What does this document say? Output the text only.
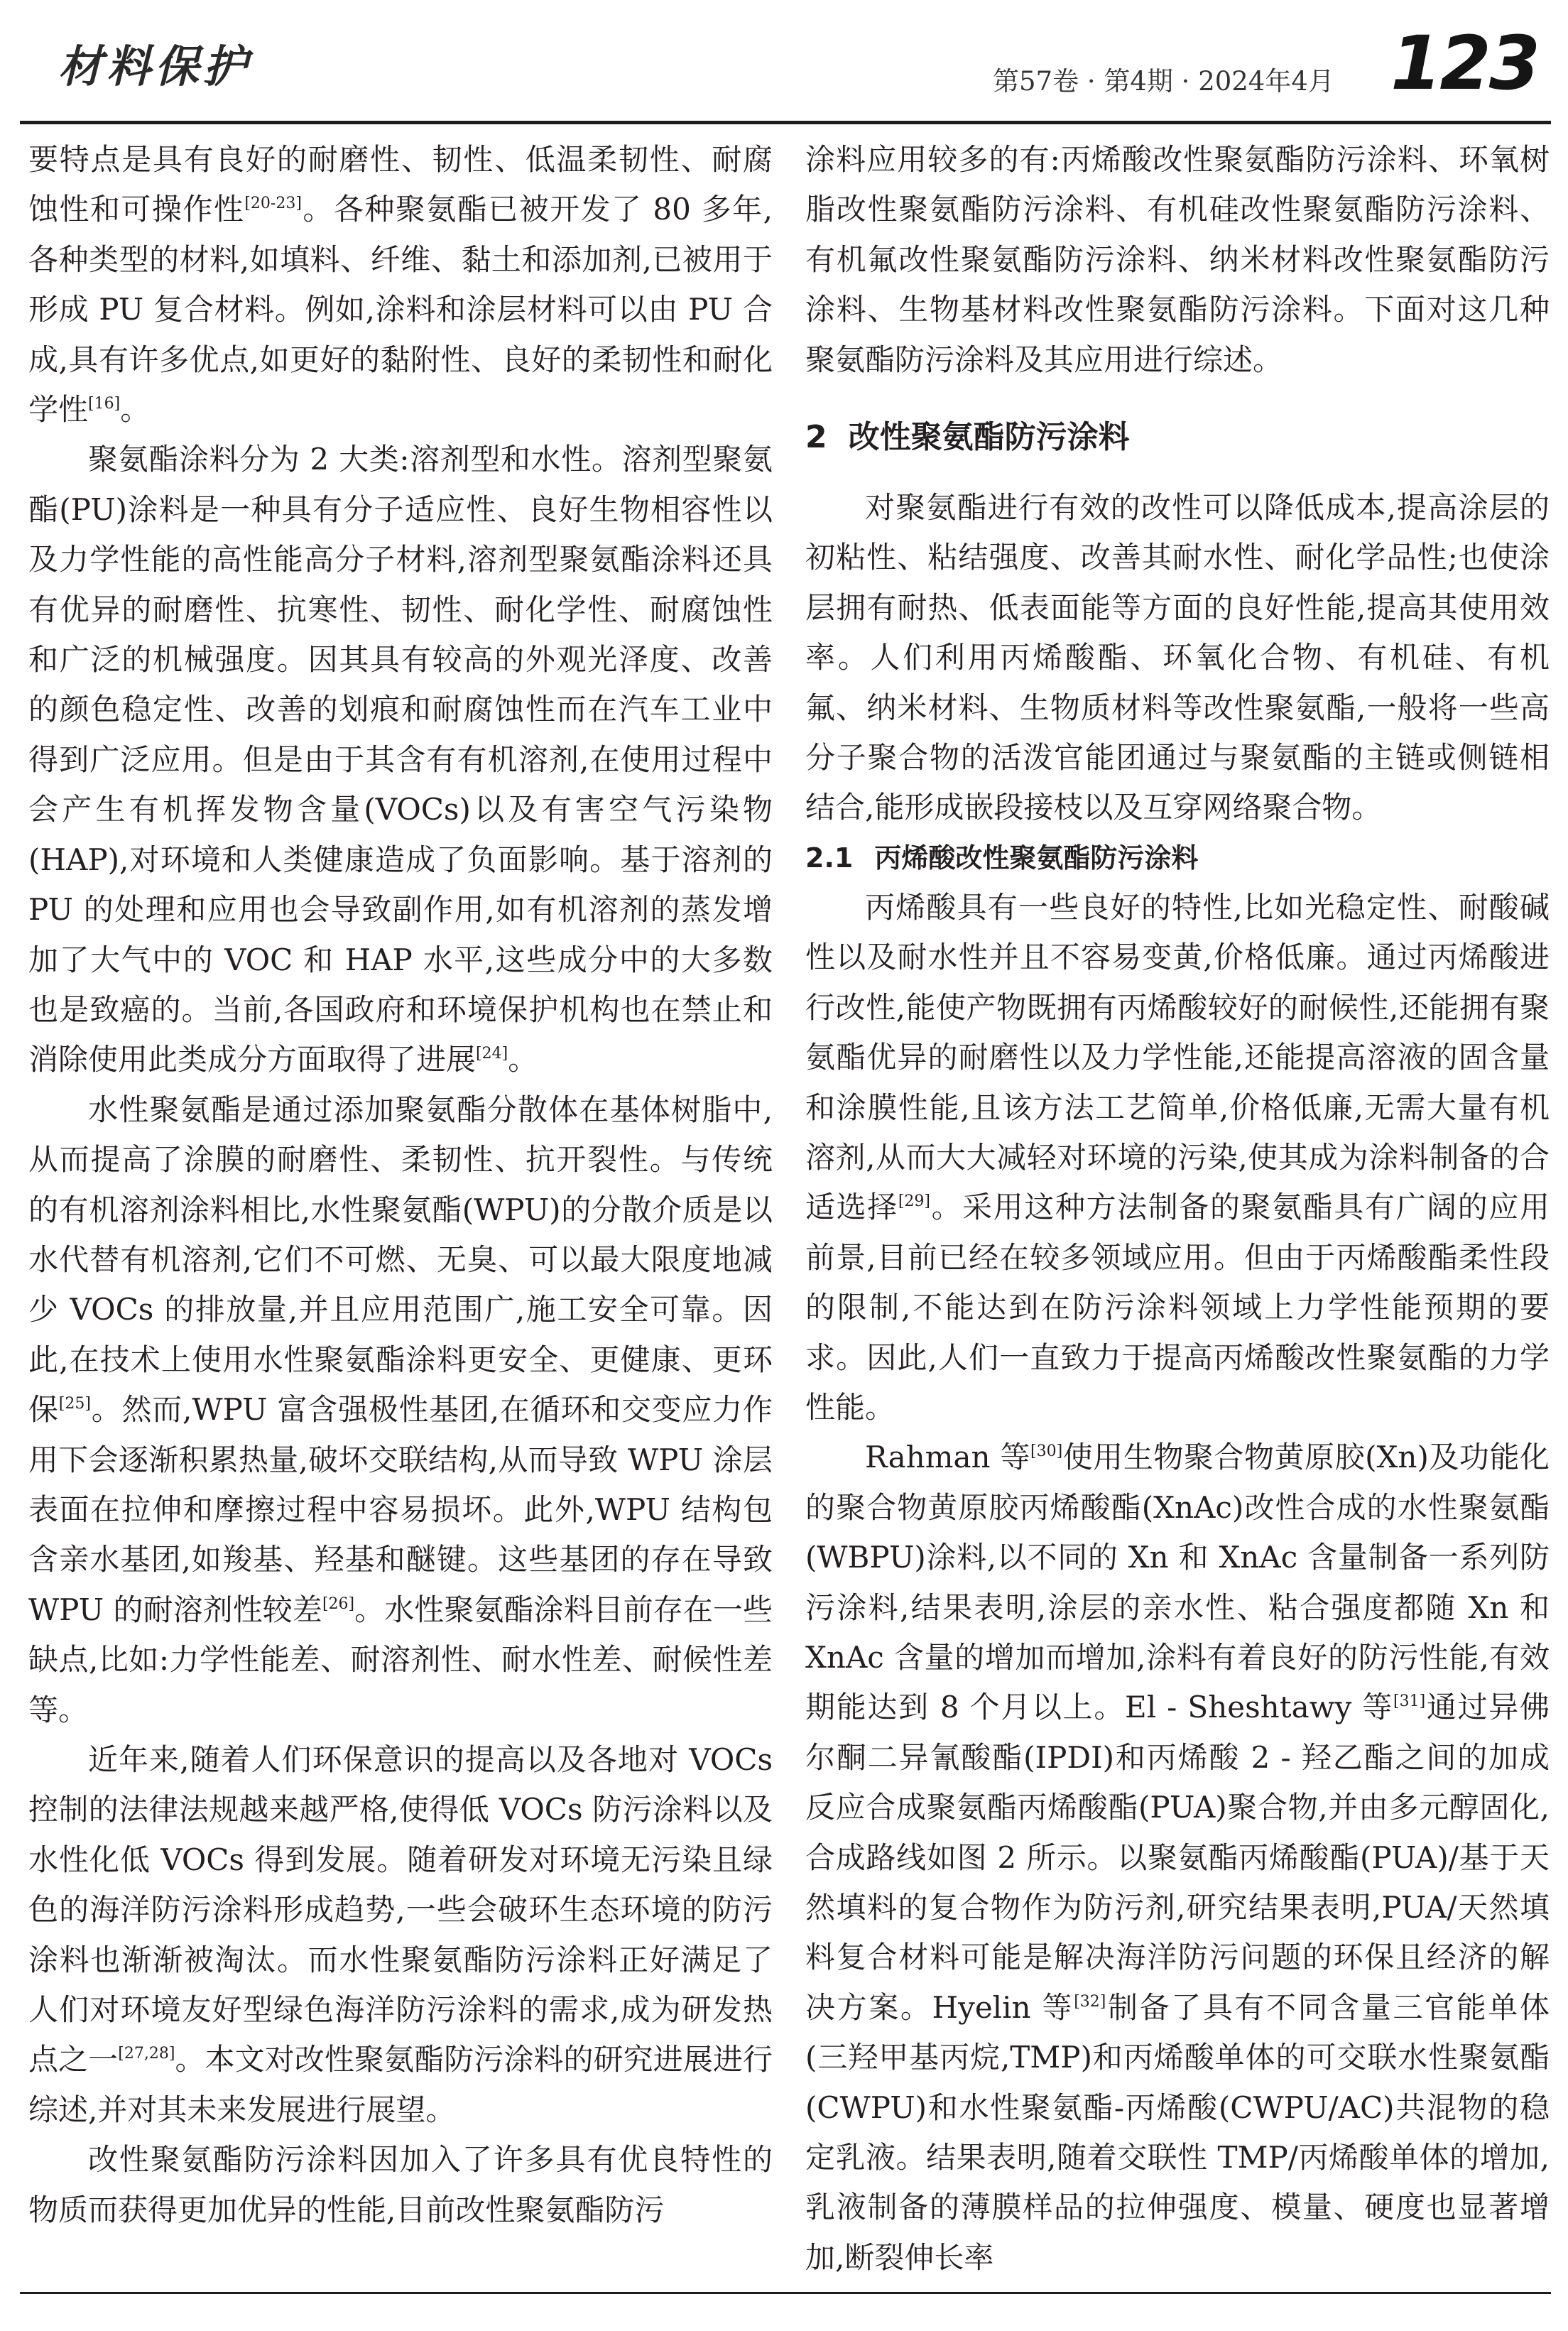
材料保护	第57卷 · 第4期 · 2024年4月 123

要特点是具有良好的耐磨性、韧性、低温柔韧性、耐腐蚀性和可操作性[20-23]。各种聚氨酯已被开发了 80 多年,各种类型的材料,如填料、纤维、黏土和添加剂,已被用于形成 PU 复合材料。例如,涂料和涂层材料可以由 PU 合成,具有许多优点,如更好的黏附性、良好的柔韧性和耐化学性[16]。

聚氨酯涂料分为 2 大类:溶剂型和水性。溶剂型聚氨酯(PU)涂料是一种具有分子适应性、良好生物相容性以及力学性能的高性能高分子材料,溶剂型聚氨酯涂料还具有优异的耐磨性、抗寒性、韧性、耐化学性、耐腐蚀性和广泛的机械强度。因其具有较高的外观光泽度、改善的颜色稳定性、改善的划痕和耐腐蚀性而在汽车工业中得到广泛应用。但是由于其含有有机溶剂,在使用过程中会产生有机挥发物含量(VOCs)以及有害空气污染物(HAP),对环境和人类健康造成了负面影响。基于溶剂的 PU 的处理和应用也会导致副作用,如有机溶剂的蒸发增加了大气中的 VOC 和 HAP 水平,这些成分中的大多数也是致癌的。当前,各国政府和环境保护机构也在禁止和消除使用此类成分方面取得了进展[24]。

水性聚氨酯是通过添加聚氨酯分散体在基体树脂中,从而提高了涂膜的耐磨性、柔韧性、抗开裂性。与传统的有机溶剂涂料相比,水性聚氨酯(WPU)的分散介质是以水代替有机溶剂,它们不可燃、无臭、可以最大限度地减少 VOCs 的排放量,并且应用范围广,施工安全可靠。因此,在技术上使用水性聚氨酯涂料更安全、更健康、更环保[25]。然而,WPU 富含强极性基团,在循环和交变应力作用下会逐渐积累热量,破坏交联结构,从而导致 WPU 涂层表面在拉伸和摩擦过程中容易损坏。此外,WPU 结构包含亲水基团,如羧基、羟基和醚键。这些基团的存在导致 WPU 的耐溶剂性较差[26]。水性聚氨酯涂料目前存在一些缺点,比如:力学性能差、耐溶剂性、耐水性差、耐候性差等。

近年来,随着人们环保意识的提高以及各地对 VOCs 控制的法律法规越来越严格,使得低 VOCs 防污涂料以及水性化低 VOCs 得到发展。随着研发对环境无污染且绿色的海洋防污涂料形成趋势,一些会破环生态环境的防污涂料也渐渐被淘汰。而水性聚氨酯防污涂料正好满足了人们对环境友好型绿色海洋防污涂料的需求,成为研发热点之一[27,28]。本文对改性聚氨酯防污涂料的研究进展进行综述,并对其未来发展进行展望。

改性聚氨酯防污涂料因加入了许多具有优良特性的物质而获得更加优异的性能,目前改性聚氨酯防污

涂料应用较多的有:丙烯酸改性聚氨酯防污涂料、环氧树脂改性聚氨酯防污涂料、有机硅改性聚氨酯防污涂料、有机氟改性聚氨酯防污涂料、纳米材料改性聚氨酯防污涂料、生物基材料改性聚氨酯防污涂料。下面对这几种聚氨酯防污涂料及其应用进行综述。

2 改性聚氨酯防污涂料

对聚氨酯进行有效的改性可以降低成本,提高涂层的初粘性、粘结强度、改善其耐水性、耐化学品性;也使涂层拥有耐热、低表面能等方面的良好性能,提高其使用效率。人们利用丙烯酸酯、环氧化合物、有机硅、有机氟、纳米材料、生物质材料等改性聚氨酯,一般将一些高分子聚合物的活泼官能团通过与聚氨酯的主链或侧链相结合,能形成嵌段接枝以及互穿网络聚合物。

2.1 丙烯酸改性聚氨酯防污涂料

丙烯酸具有一些良好的特性,比如光稳定性、耐酸碱性以及耐水性并且不容易变黄,价格低廉。通过丙烯酸进行改性,能使产物既拥有丙烯酸较好的耐候性,还能拥有聚氨酯优异的耐磨性以及力学性能,还能提高溶液的固含量和涂膜性能,且该方法工艺简单,价格低廉,无需大量有机溶剂,从而大大减轻对环境的污染,使其成为涂料制备的合适选择[29]。采用这种方法制备的聚氨酯具有广阔的应用前景,目前已经在较多领域应用。但由于丙烯酸酯柔性段的限制,不能达到在防污涂料领域上力学性能预期的要求。因此,人们一直致力于提高丙烯酸改性聚氨酯的力学性能。

Rahman 等[30]使用生物聚合物黄原胶(Xn)及功能化的聚合物黄原胶丙烯酸酯(XnAc)改性合成的水性聚氨酯(WBPU)涂料,以不同的 Xn 和 XnAc 含量制备一系列防污涂料,结果表明,涂层的亲水性、粘合强度都随 Xn 和 XnAc 含量的增加而增加,涂料有着良好的防污性能,有效期能达到 8 个月以上。El - Sheshtawy 等[31]通过异佛尔酮二异氰酸酯(IPDI)和丙烯酸 2 - 羟乙酯之间的加成反应合成聚氨酯丙烯酸酯(PUA)聚合物,并由多元醇固化,合成路线如图 2 所示。以聚氨酯丙烯酸酯(PUA)/基于天然填料的复合物作为防污剂,研究结果表明,PUA/天然填料复合材料可能是解决海洋防污问题的环保且经济的解决方案。Hyelin 等[32]制备了具有不同含量三官能单体(三羟甲基丙烷,TMP)和丙烯酸单体的可交联水性聚氨酯(CWPU)和水性聚氨酯-丙烯酸(CWPU/AC)共混物的稳定乳液。结果表明,随着交联性 TMP/丙烯酸单体的增加,乳液制备的薄膜样品的拉伸强度、模量、硬度也显著增加,断裂伸长率
